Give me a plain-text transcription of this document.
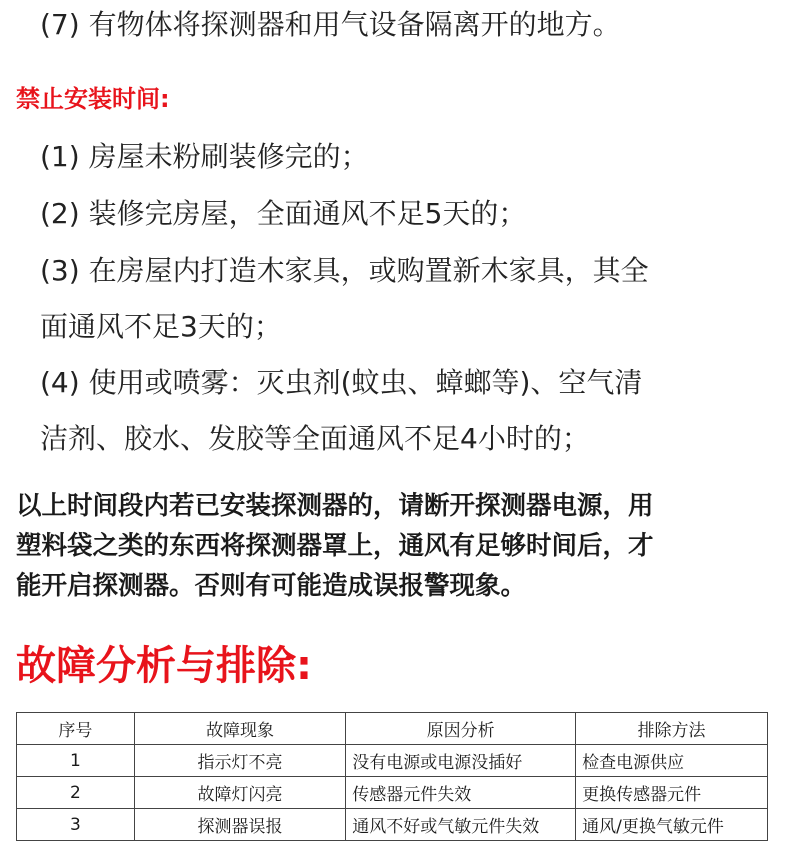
(7) 有物体将探测器和用气设备隔离开的地方。
禁止安装时间:
(1) 房屋未粉刷装修完的；
(2) 装修完房屋，全面通风不足5天的；
(3) 在房屋内打造木家具，或购置新木家具，其全
面通风不足3天的；
(4) 使用或喷雾：灭虫剂(蚊虫、蟑螂等)、空气清
洁剂、胶水、发胶等全面通风不足4小时的；
以上时间段内若已安装探测器的，请断开探测器电源，用
塑料袋之类的东西将探测器罩上，通风有足够时间后，才
能开启探测器。否则有可能造成误报警现象。
故障分析与排除:
序号	故障现象	原因分析	排除方法
1	指示灯不亮	没有电源或电源没插好	检查电源供应
2	故障灯闪亮	传感器元件失效	更换传感器元件
3	探测器误报	通风不好或气敏元件失效	通风/更换气敏元件
